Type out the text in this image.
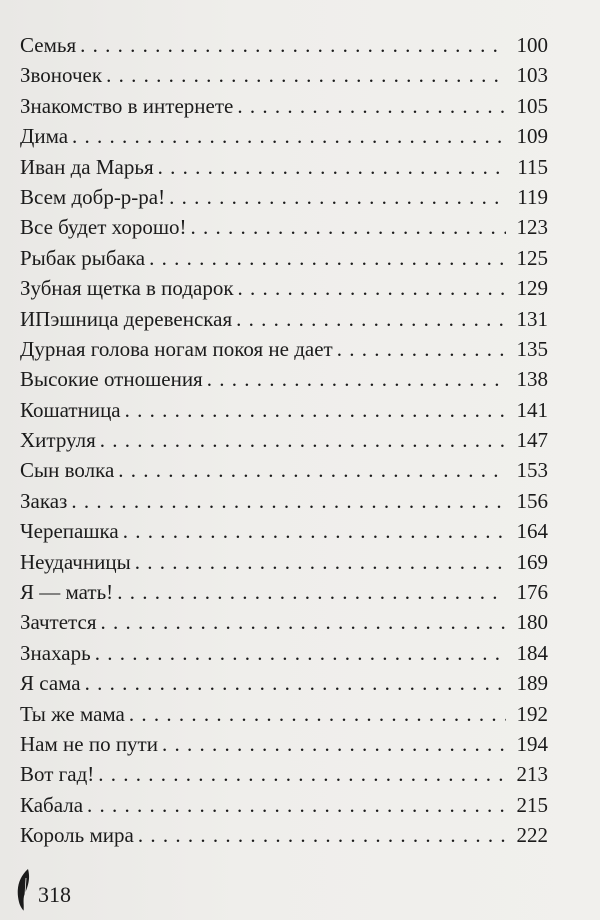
Семья . . .	100
Звоночек . . .	103
Знакомство в интернете . . .	105
Дима . . .	109
Иван да Марья . . .	115
Всем добр-р-ра! . . .	119
Все будет хорошо! . . .	123
Рыбак рыбака . . .	125
Зубная щетка в подарок . . .	129
ИПэшница деревенская . . .	131
Дурная голова ногам покоя не дает . . .	135
Высокие отношения . . .	138
Кошатница . . .	141
Хитруля . . .	147
Сын волка . . .	153
Заказ . . .	156
Черепашка . . .	164
Неудачницы . . .	169
Я — мать! . . .	176
Зачтется . . .	180
Знахарь . . .	184
Я сама . . .	189
Ты же мама . . .	192
Нам не по пути . . .	194
Вот гад! . . .	213
Кабала . . .	215
Король мира . . .	222
318
